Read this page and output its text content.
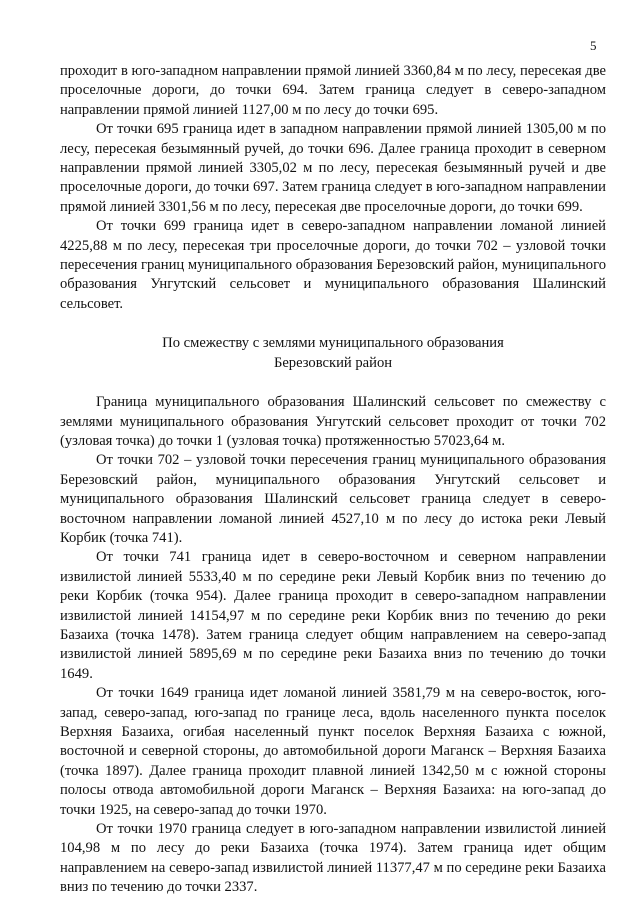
5

проходит в юго-западном направлении прямой линией 3360,84 м по лесу, пересекая две проселочные дороги, до точки 694. Затем граница следует в северо-западном направлении прямой линией 1127,00 м по лесу до точки 695.

От точки 695 граница идет в западном направлении прямой линией 1305,00 м по лесу, пересекая безымянный ручей, до точки 696. Далее граница проходит в северном направлении прямой линией 3305,02 м по лесу, пересекая безымянный ручей и две проселочные дороги, до точки 697. Затем граница следует в юго-западном направлении прямой линией 3301,56 м по лесу, пересекая две проселочные дороги, до точки 699.

От точки 699 граница идет в северо-западном направлении ломаной линией 4225,88 м по лесу, пересекая три проселочные дороги, до точки 702 – узловой точки пересечения границ муниципального образования Березовский район, муниципального образования Унгутский сельсовет и муниципального образования Шалинский сельсовет.

По смежеству с землями муниципального образования
Березовский район

Граница муниципального образования Шалинский сельсовет по смежеству с землями муниципального образования Унгутский сельсовет проходит от точки 702 (узловая точка) до точки 1 (узловая точка) протяженностью 57023,64 м.

От точки 702 – узловой точки пересечения границ муниципального образования Березовский район, муниципального образования Унгутский сельсовет и муниципального образования Шалинский сельсовет граница следует в северо-восточном направлении ломаной линией 4527,10 м по лесу до истока реки Левый Корбик (точка 741).

От точки 741 граница идет в северо-восточном и северном направлении извилистой линией 5533,40 м по середине реки Левый Корбик вниз по течению до реки Корбик (точка 954). Далее граница проходит в северо-западном направлении извилистой линией 14154,97 м по середине реки Корбик вниз по течению до реки Базаиха (точка 1478). Затем граница следует общим направлением на северо-запад извилистой линией 5895,69 м по середине реки Базаиха вниз по течению до точки 1649.

От точки 1649 граница идет ломаной линией 3581,79 м на северо-восток, юго-запад, северо-запад, юго-запад по границе леса, вдоль населенного пункта поселок Верхняя Базаиха, огибая населенный пункт поселок Верхняя Базаиха с южной, восточной и северной стороны, до автомобильной дороги Маганск – Верхняя Базаиха (точка 1897). Далее граница проходит плавной линией 1342,50 м с южной стороны полосы отвода автомобильной дороги Маганск – Верхняя Базаиха: на юго-запад до точки 1925, на северо-запад до точки 1970.

От точки 1970 граница следует в юго-западном направлении извилистой линией 104,98 м по лесу до реки Базаиха (точка 1974). Затем граница идет общим направлением на северо-запад извилистой линией 11377,47 м по середине реки Базаиха вниз по течению до точки 2337.
